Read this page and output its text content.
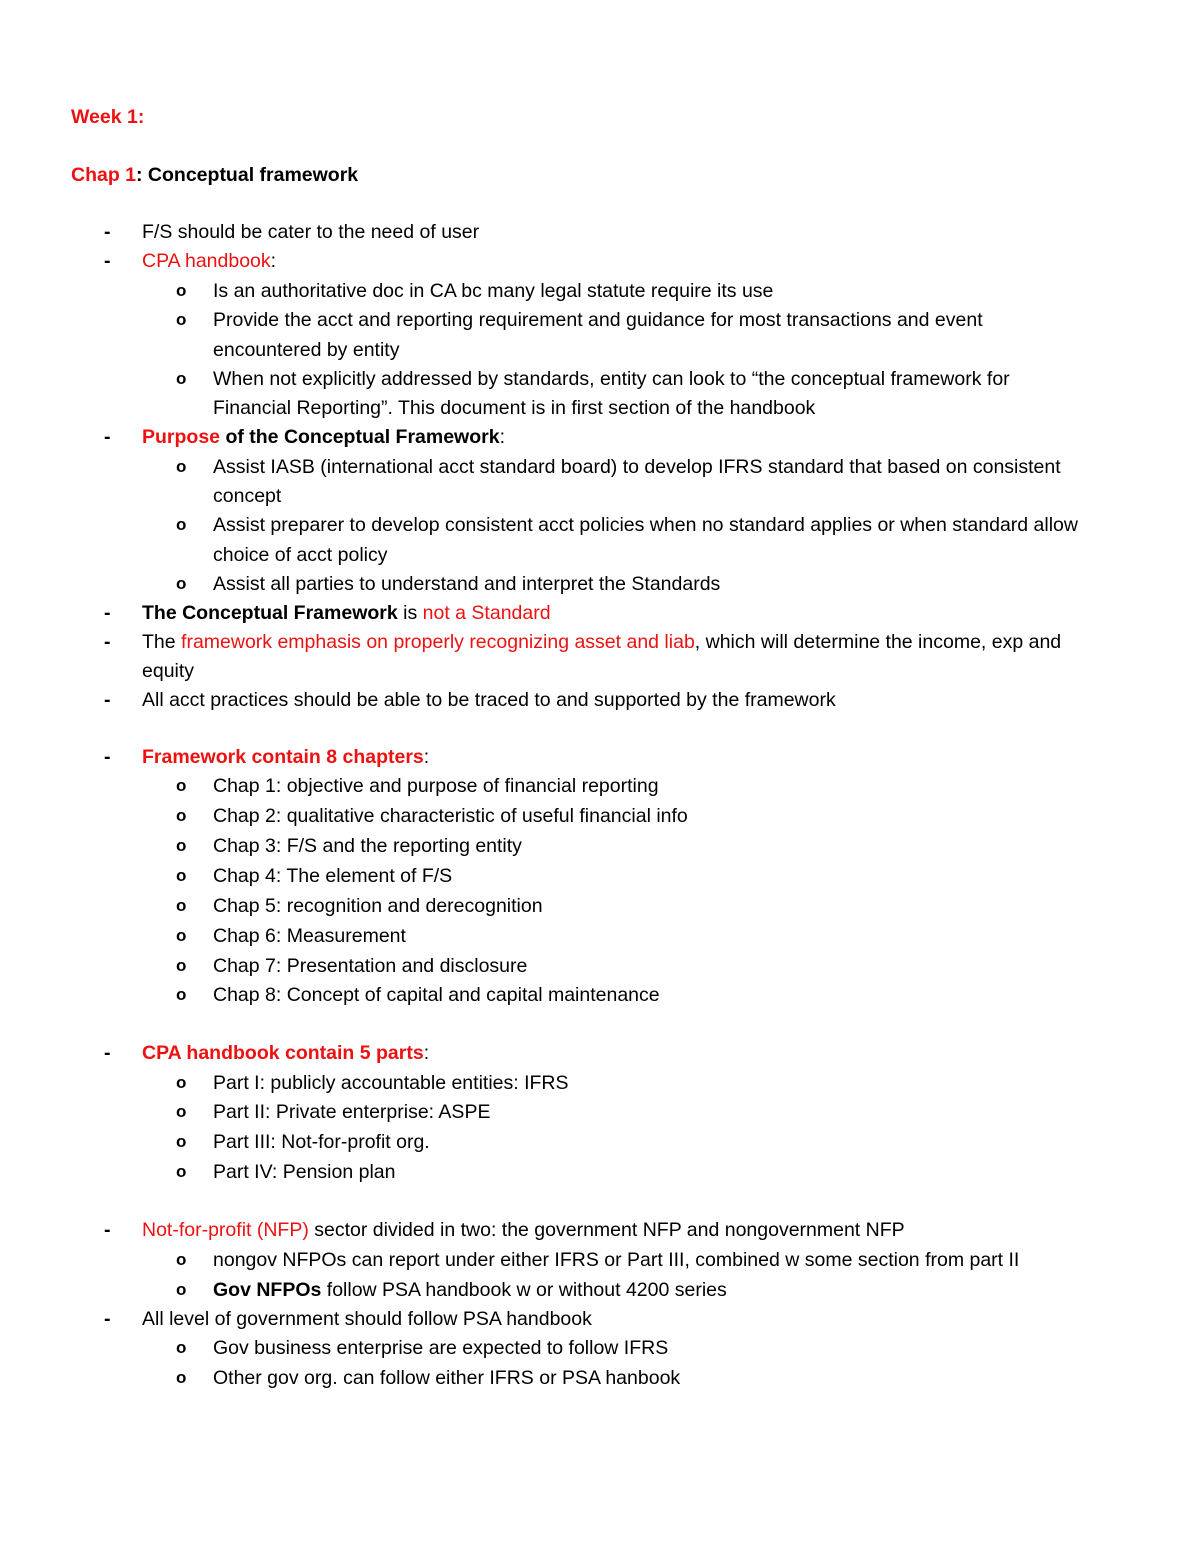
Week 1:
Chap 1: Conceptual framework
- F/S should be cater to the need of user
- CPA handbook:
o Is an authoritative doc in CA bc many legal statute require its use
o Provide the acct and reporting requirement and guidance for most transactions and event
encountered by entity
o When not explicitly addressed by standards, entity can look to “the conceptual framework for
Financial Reporting”. This document is in first section of the handbook
- Purpose of the Conceptual Framework:
o Assist IASB (international acct standard board) to develop IFRS standard that based on consistent
concept
o Assist preparer to develop consistent acct policies when no standard applies or when standard allow
choice of acct policy
o Assist all parties to understand and interpret the Standards
- The Conceptual Framework is not a Standard
- The framework emphasis on properly recognizing asset and liab, which will determine the income, exp and
equity
- All acct practices should be able to be traced to and supported by the framework
- Framework contain 8 chapters:
o Chap 1: objective and purpose of financial reporting
o Chap 2: qualitative characteristic of useful financial info
o Chap 3: F/S and the reporting entity
o Chap 4: The element of F/S
o Chap 5: recognition and derecognition
o Chap 6: Measurement
o Chap 7: Presentation and disclosure
o Chap 8: Concept of capital and capital maintenance
- CPA handbook contain 5 parts:
o Part I: publicly accountable entities: IFRS
o Part II: Private enterprise: ASPE
o Part III: Not-for-profit org.
o Part IV: Pension plan
- Not-for-profit (NFP) sector divided in two: the government NFP and nongovernment NFP
o nongov NFPOs can report under either IFRS or Part III, combined w some section from part II
o Gov NFPOs follow PSA handbook w or without 4200 series
- All level of government should follow PSA handbook
o Gov business enterprise are expected to follow IFRS
o Other gov org. can follow either IFRS or PSA hanbook
